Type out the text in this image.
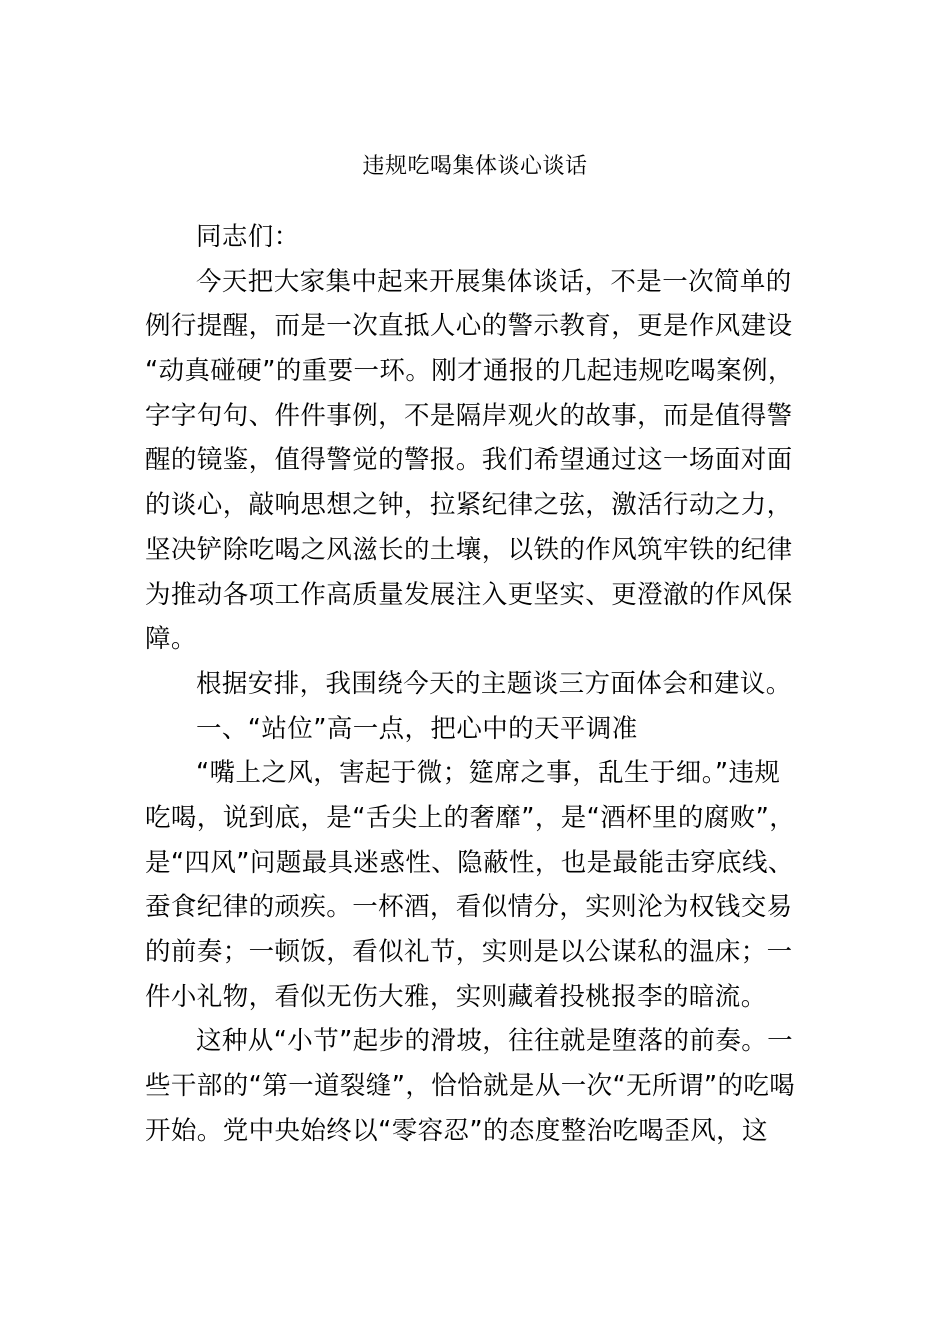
违规吃喝集体谈心谈话
同志们：
今天把大家集中起来开展集体谈话，不是一次简单的
例行提醒，而是一次直抵人心的警示教育，更是作风建设
“动真碰硬”的重要一环。刚才通报的几起违规吃喝案例，
字字句句、件件事例，不是隔岸观火的故事，而是值得警
醒的镜鉴，值得警觉的警报。我们希望通过这一场面对面
的谈心，敲响思想之钟，拉紧纪律之弦，激活行动之力，
坚决铲除吃喝之风滋长的土壤，以铁的作风筑牢铁的纪律
为推动各项工作高质量发展注入更坚实、更澄澈的作风保
障。
根据安排，我围绕今天的主题谈三方面体会和建议。
一、“站位”高一点，把心中的天平调准
“嘴上之风，害起于微；筵席之事，乱生于细。”违规
吃喝，说到底，是“舌尖上的奢靡”，是“酒杯里的腐败”，
是“四风”问题最具迷惑性、隐蔽性，也是最能击穿底线、
蚕食纪律的顽疾。一杯酒，看似情分，实则沦为权钱交易
的前奏；一顿饭，看似礼节，实则是以公谋私的温床；一
件小礼物，看似无伤大雅，实则藏着投桃报李的暗流。
这种从“小节”起步的滑坡，往往就是堕落的前奏。一
些干部的“第一道裂缝”，恰恰就是从一次“无所谓”的吃喝
开始。党中央始终以“零容忍”的态度整治吃喝歪风，这
